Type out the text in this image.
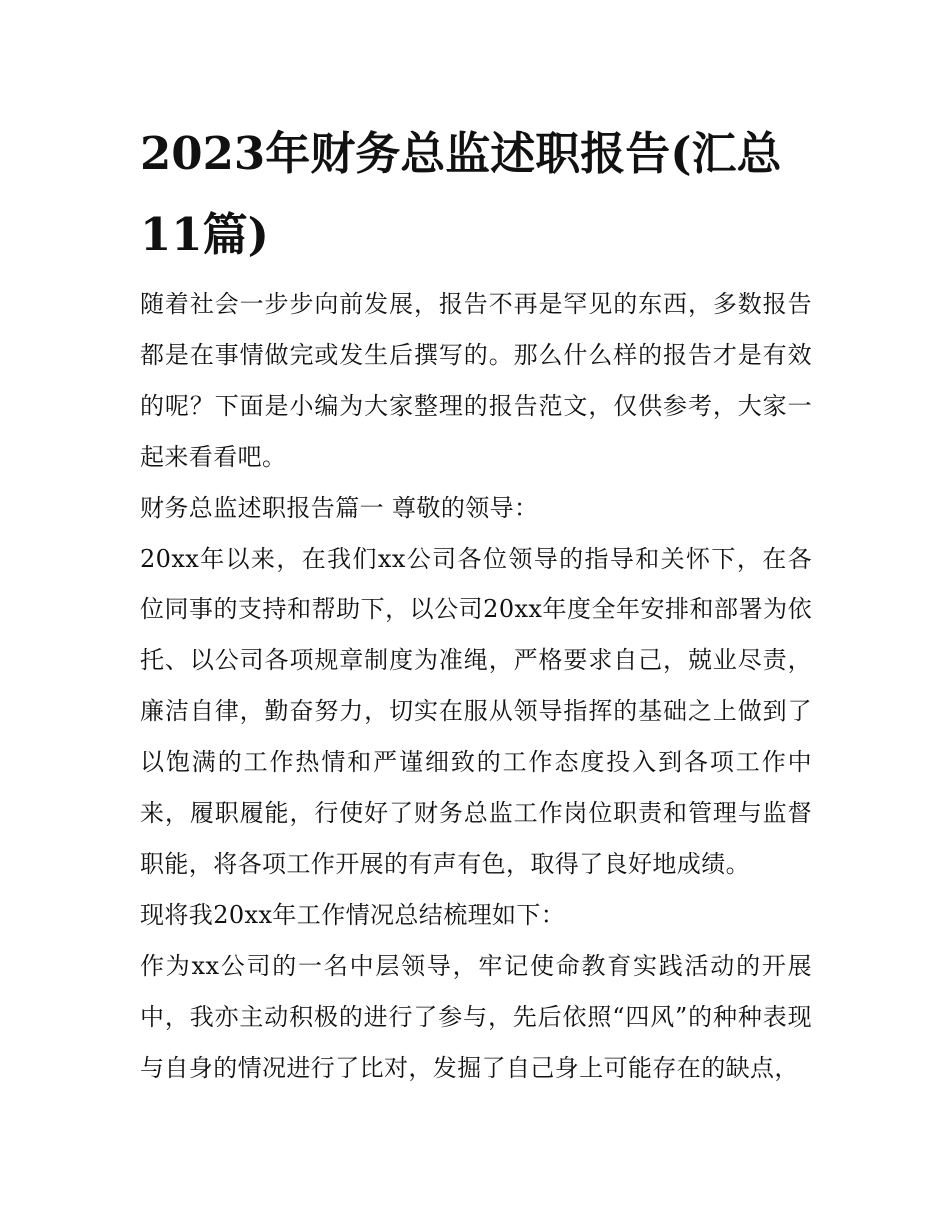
2023年财务总监述职报告(汇总11篇)

随着社会一步步向前发展，报告不再是罕见的东西，多数报告都是在事情做完或发生后撰写的。那么什么样的报告才是有效的呢？下面是小编为大家整理的报告范文，仅供参考，大家一起来看看吧。

财务总监述职报告篇一 尊敬的领导：

20xx年以来，在我们xx公司各位领导的指导和关怀下，在各位同事的支持和帮助下，以公司20xx年度全年安排和部署为依托、以公司各项规章制度为准绳，严格要求自己，兢业尽责，廉洁自律，勤奋努力，切实在服从领导指挥的基础之上做到了以饱满的工作热情和严谨细致的工作态度投入到各项工作中来，履职履能，行使好了财务总监工作岗位职责和管理与监督职能，将各项工作开展的有声有色，取得了良好地成绩。

现将我20xx年工作情况总结梳理如下：

作为xx公司的一名中层领导，牢记使命教育实践活动的开展中，我亦主动积极的进行了参与，先后依照“四风”的种种表现与自身的情况进行了比对，发掘了自己身上可能存在的缺点，
